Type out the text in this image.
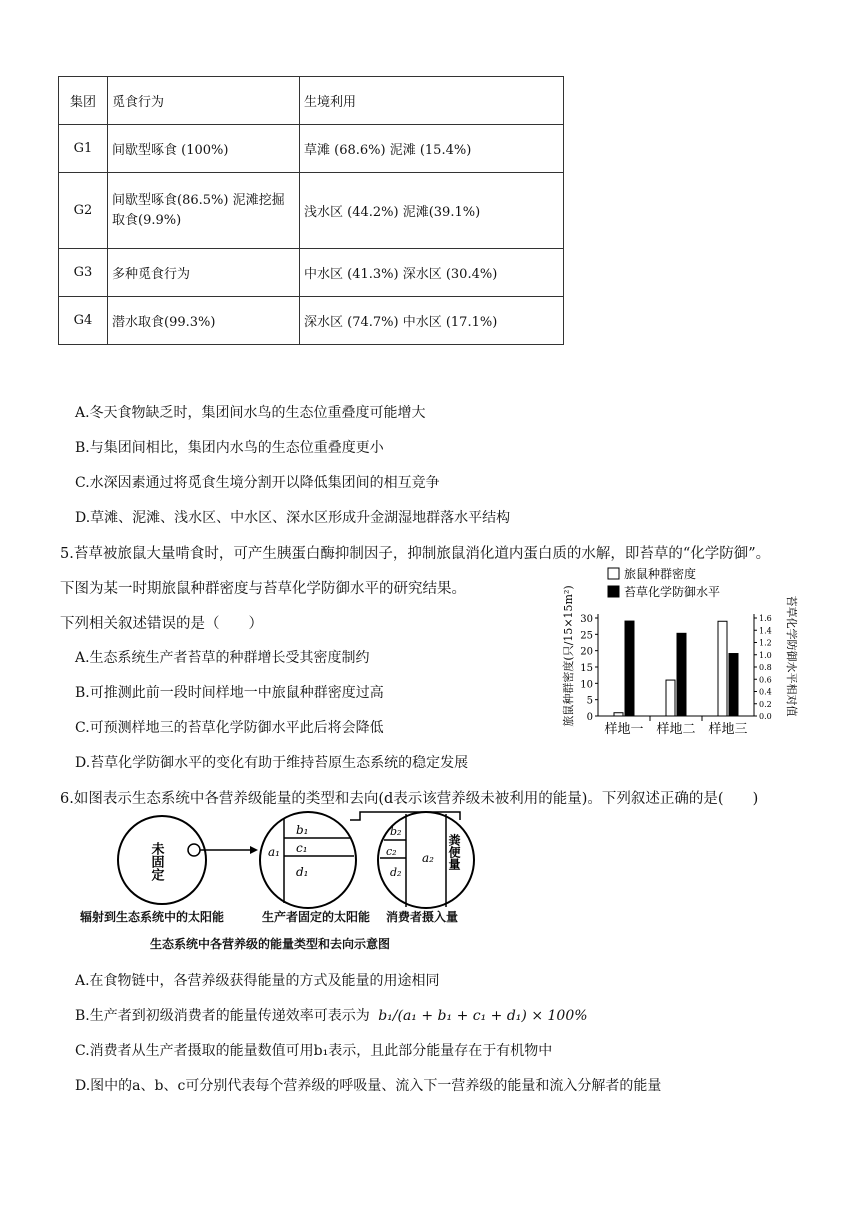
集团	觅食行为	生境利用
G1	间歇型啄食 (100%)	草滩 (68.6%) 泥滩 (15.4%)
G2	间歇型啄食(86.5%) 泥滩挖掘取食(9.9%)	浅水区 (44.2%) 泥滩(39.1%)
G3	多种觅食行为	中水区 (41.3%) 深水区 (30.4%)
G4	潜水取食(99.3%)	深水区 (74.7%) 中水区 (17.1%)
A.冬天食物缺乏时，集团间水鸟的生态位重叠度可能增大
B.与集团间相比，集团内水鸟的生态位重叠度更小
C.水深因素通过将觅食生境分割开以降低集团间的相互竞争
D.草滩、泥滩、浅水区、中水区、深水区形成升金湖湿地群落水平结构
5.苔草被旅鼠大量啃食时，可产生胰蛋白酶抑制因子，抑制旅鼠消化道内蛋白质的水解，即苔草的“化学防御”。
下图为某一时期旅鼠种群密度与苔草化学防御水平的研究结果。
下列相关叙述错误的是（　　）
A.生态系统生产者苔草的种群增长受其密度制约
B.可推测此前一段时间样地一中旅鼠种群密度过高
C.可预测样地三的苔草化学防御水平此后将会降低
D.苔草化学防御水平的变化有助于维持苔原生态系统的稳定发展
旅鼠种群密度
苔草化学防御水平
0
5
10
15
20
25
30
0.0
0.2
0.4
0.6
0.8
1.0
1.2
1.4
1.6
样地一 样地二 样地三
旅鼠种群密度(只/15×15m²)	苔草化学防御水平相对值
6.如图表示生态系统中各营养级能量的类型和去向(d表示该营养级未被利用的能量)。下列叙述正确的是(　　)
未固定	a₁
b₁
c₁
d₁
b₂
c₂
d₂
a₂ 粪便量
辐射到生态系统中的太阳能	生产者固定的太阳能 消费者摄入量
生态系统中各营养级的能量类型和去向示意图
A.在食物链中，各营养级获得能量的方式及能量的用途相同
B.生产者到初级消费者的能量传递效率可表示为 b₁/(a₁ + b₁ + c₁ + d₁) × 100%
C.消费者从生产者摄取的能量数值可用b₁表示，且此部分能量存在于有机物中
D.图中的a、b、c可分别代表每个营养级的呼吸量、流入下一营养级的能量和流入分解者的能量
